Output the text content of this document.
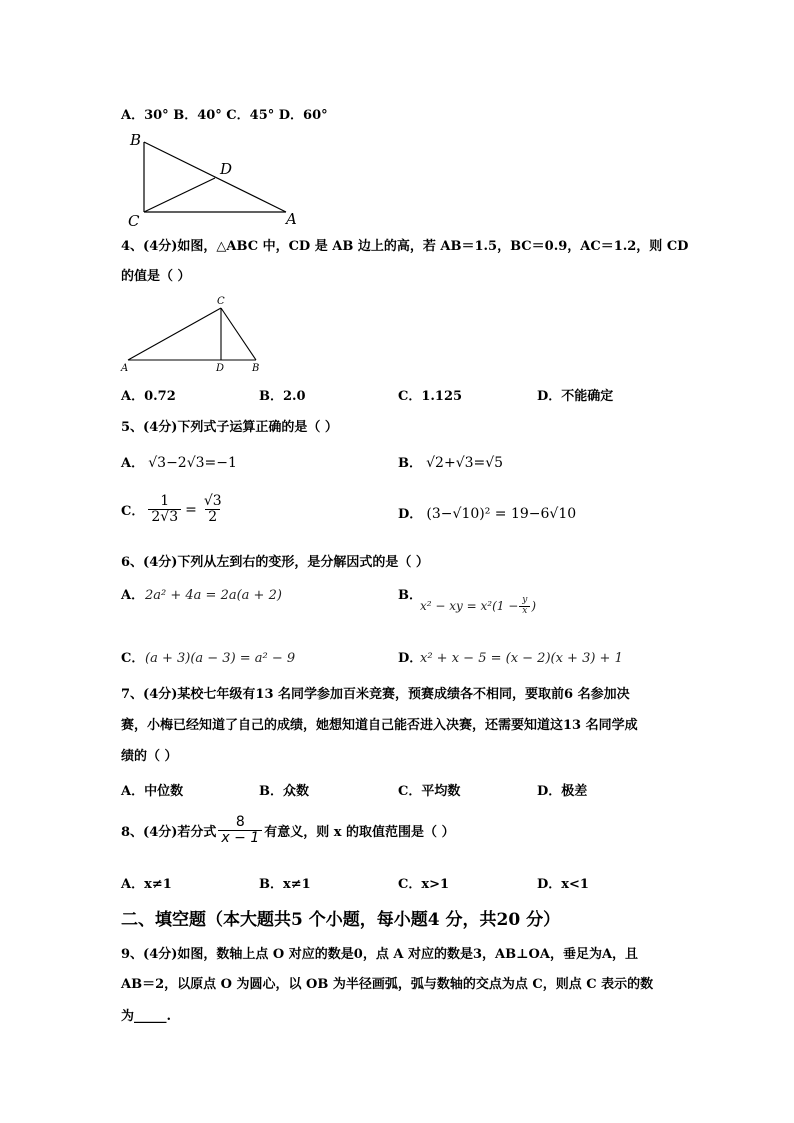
A．30° B．40° C．45° D．60°
B
D
C	A
4、(4分)如图，△ABC 中，CD 是 AB 边上的高，若 AB＝1.5，BC＝0.9，AC＝1.2，则 CD
的值是（ ）
C
A	D	B
A．0.72	B．2.0	C．1.125	D．不能确定
5、(4分)下列式子运算正确的是（ ）
A． √3−2√3=−1	B． √2+√3=√5
C． $\frac{1}{2√3} = \frac{√3}{2}$	D． (3−√10)² = 19−6√10
6、(4分)下列从左到右的变形，是分解因式的是（ ）
A． 2a² + 4a = 2a(a + 2)	B．
x² − xy = $x^2(1 - \frac{y}{x}$ )
C． (a + 3)(a − 3) = a² − 9	D．
x² + x − 5 = (x − 2)(x + 3) + 1
7、(4分)某校七年级有13 名同学参加百米竞赛，预赛成绩各不相同，要取前6 名参加决
赛，小梅已经知道了自己的成绩，她想知道自己能否进入决赛，还需要知道这13 名同学成
绩的（ ）
A．中位数	B．众数	C．平均数	D．极差
8、(4分)若分式 $\frac{8}{x - 1}$ 有意义，则 x 的取值范围是（ ）
A．x≠1	B．x≠1	C．x>1	D．x<1
二、填空题（本大题共5 个小题，每小题4 分，共20 分）
9、(4分)如图，数轴上点 O 对应的数是0，点 A 对应的数是3，AB⊥OA，垂足为A，且
AB＝2，以原点 O 为圆心，以 OB 为半径画弧，弧与数轴的交点为点 C，则点 C 表示的数
为_____.
